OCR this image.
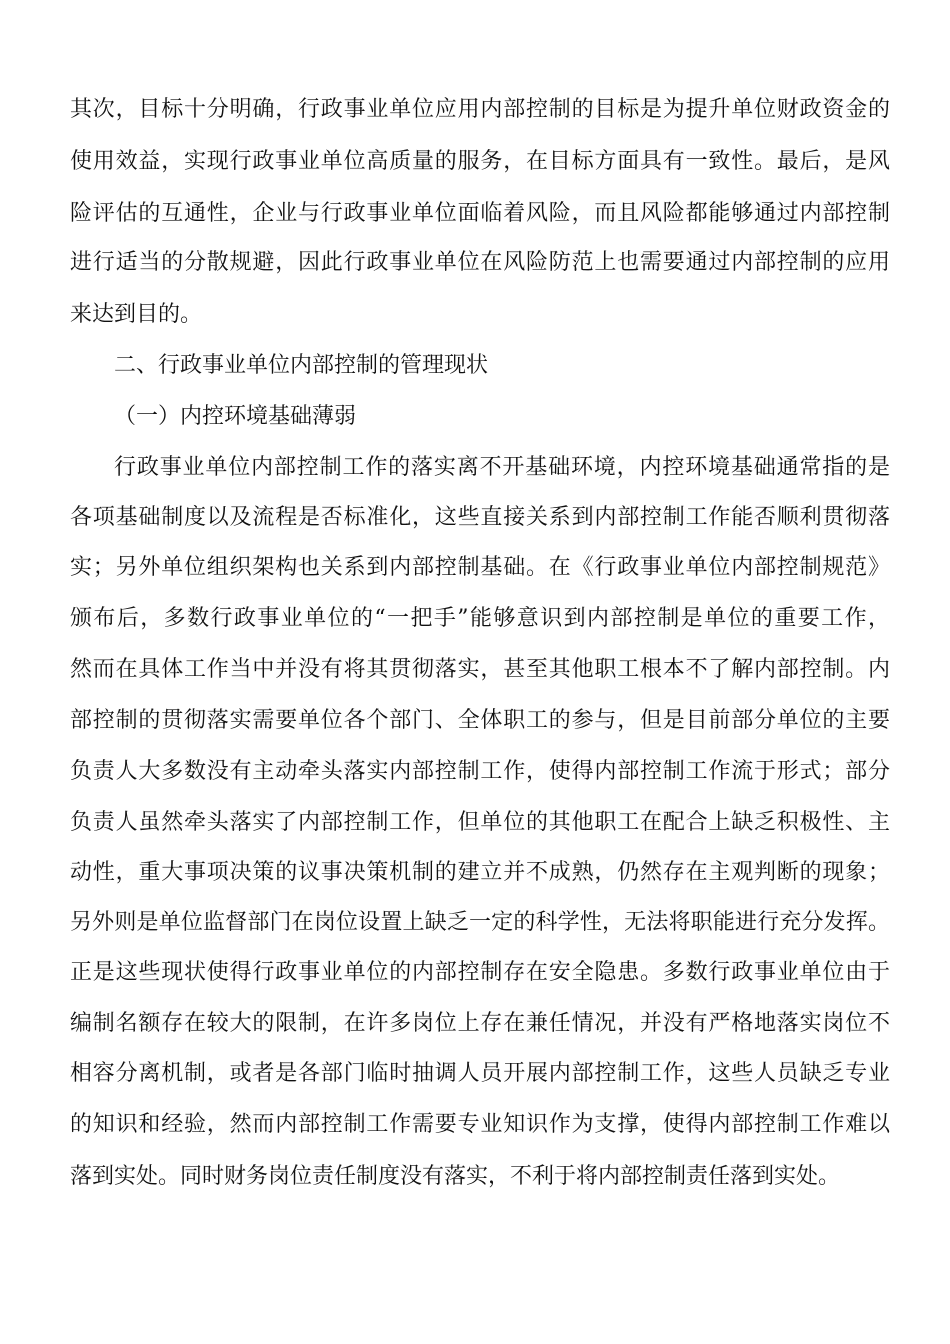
其次，目标十分明确，行政事业单位应用内部控制的目标是为提升单位财政资金的
使用效益，实现行政事业单位高质量的服务，在目标方面具有一致性。最后，是风
险评估的互通性，企业与行政事业单位面临着风险，而且风险都能够通过内部控制
进行适当的分散规避，因此行政事业单位在风险防范上也需要通过内部控制的应用
来达到目的。
二、行政事业单位内部控制的管理现状
（一）内控环境基础薄弱
行政事业单位内部控制工作的落实离不开基础环境，内控环境基础通常指的是
各项基础制度以及流程是否标准化，这些直接关系到内部控制工作能否顺利贯彻落
实；另外单位组织架构也关系到内部控制基础。在《行政事业单位内部控制规范》
颁布后，多数行政事业单位的“一把手”能够意识到内部控制是单位的重要工作，
然而在具体工作当中并没有将其贯彻落实，甚至其他职工根本不了解内部控制。内
部控制的贯彻落实需要单位各个部门、全体职工的参与，但是目前部分单位的主要
负责人大多数没有主动牵头落实内部控制工作，使得内部控制工作流于形式；部分
负责人虽然牵头落实了内部控制工作，但单位的其他职工在配合上缺乏积极性、主
动性，重大事项决策的议事决策机制的建立并不成熟，仍然存在主观判断的现象；
另外则是单位监督部门在岗位设置上缺乏一定的科学性，无法将职能进行充分发挥。
正是这些现状使得行政事业单位的内部控制存在安全隐患。多数行政事业单位由于
编制名额存在较大的限制，在许多岗位上存在兼任情况，并没有严格地落实岗位不
相容分离机制，或者是各部门临时抽调人员开展内部控制工作，这些人员缺乏专业
的知识和经验，然而内部控制工作需要专业知识作为支撑，使得内部控制工作难以
落到实处。同时财务岗位责任制度没有落实，不利于将内部控制责任落到实处。
